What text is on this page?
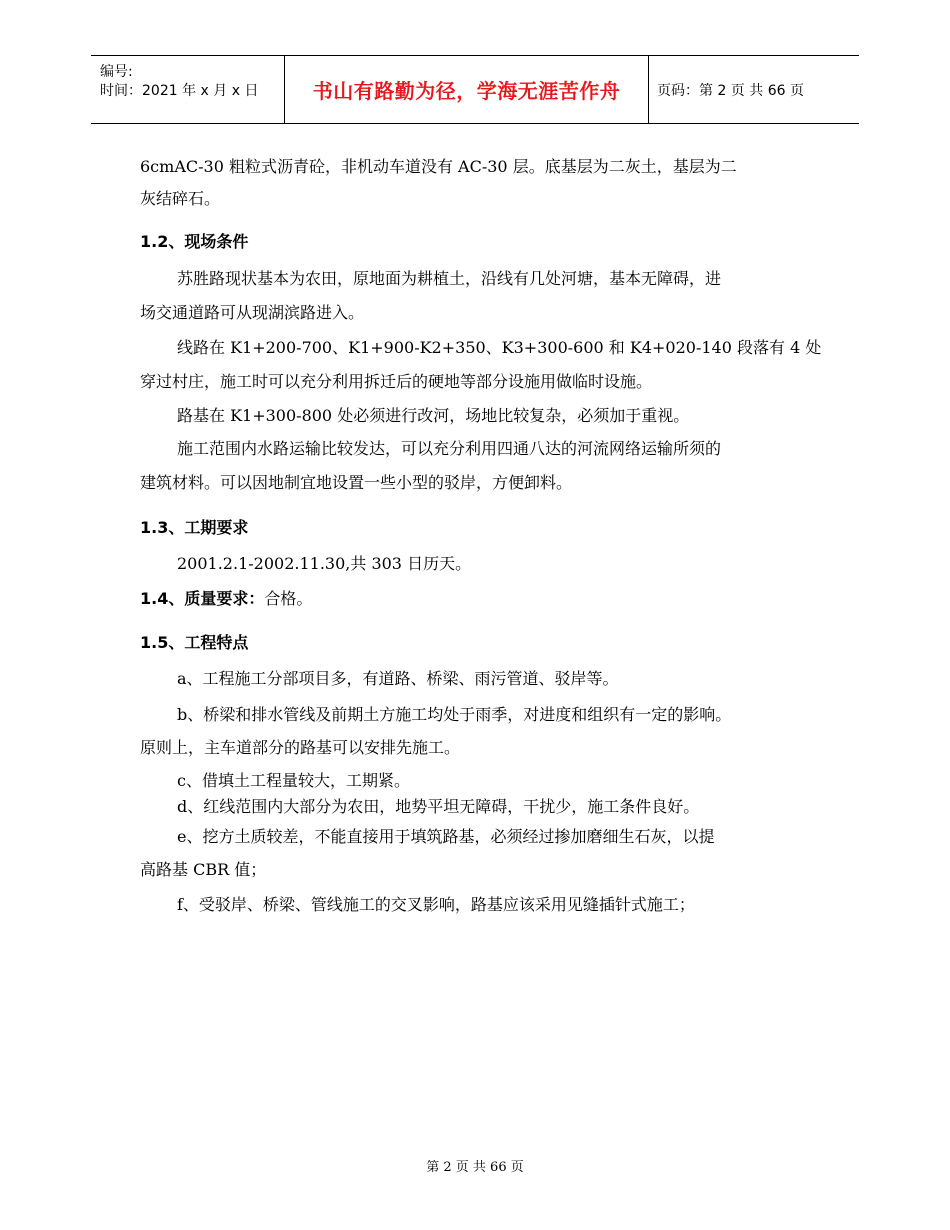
编号:
时间：2021 年 x 月 x 日	书山有路勤为径，学海无涯苦作舟	页码：第 2 页 共 66 页
6cmAC-30 粗粒式沥青砼，非机动车道没有 AC-30 层。底基层为二灰土，基层为二
灰结碎石。
1.2、现场条件
苏胜路现状基本为农田，原地面为耕植土，沿线有几处河塘，基本无障碍，进
场交通道路可从现湖滨路进入。
线路在 K1+200-700、K1+900-K2+350、K3+300-600 和 K4+020-140 段落有 4 处
穿过村庄，施工时可以充分利用拆迁后的硬地等部分设施用做临时设施。
路基在 K1+300-800 处必须进行改河，场地比较复杂，必须加于重视。
施工范围内水路运输比较发达，可以充分利用四通八达的河流网络运输所须的
建筑材料。可以因地制宜地设置一些小型的驳岸，方便卸料。
1.3、工期要求
2001.2.1-2002.11.30,共 303 日历天。
1.4、质量要求：合格。
1.5、工程特点
a、工程施工分部项目多，有道路、桥梁、雨污管道、驳岸等。
b、桥梁和排水管线及前期土方施工均处于雨季，对进度和组织有一定的影响。
原则上，主车道部分的路基可以安排先施工。
c、借填土工程量较大，工期紧。
d、红线范围内大部分为农田，地势平坦无障碍，干扰少，施工条件良好。
e、挖方土质较差，不能直接用于填筑路基，必须经过掺加磨细生石灰，以提
高路基 CBR 值；
f、受驳岸、桥梁、管线施工的交叉影响，路基应该采用见缝插针式施工；
第 2 页 共 66 页
